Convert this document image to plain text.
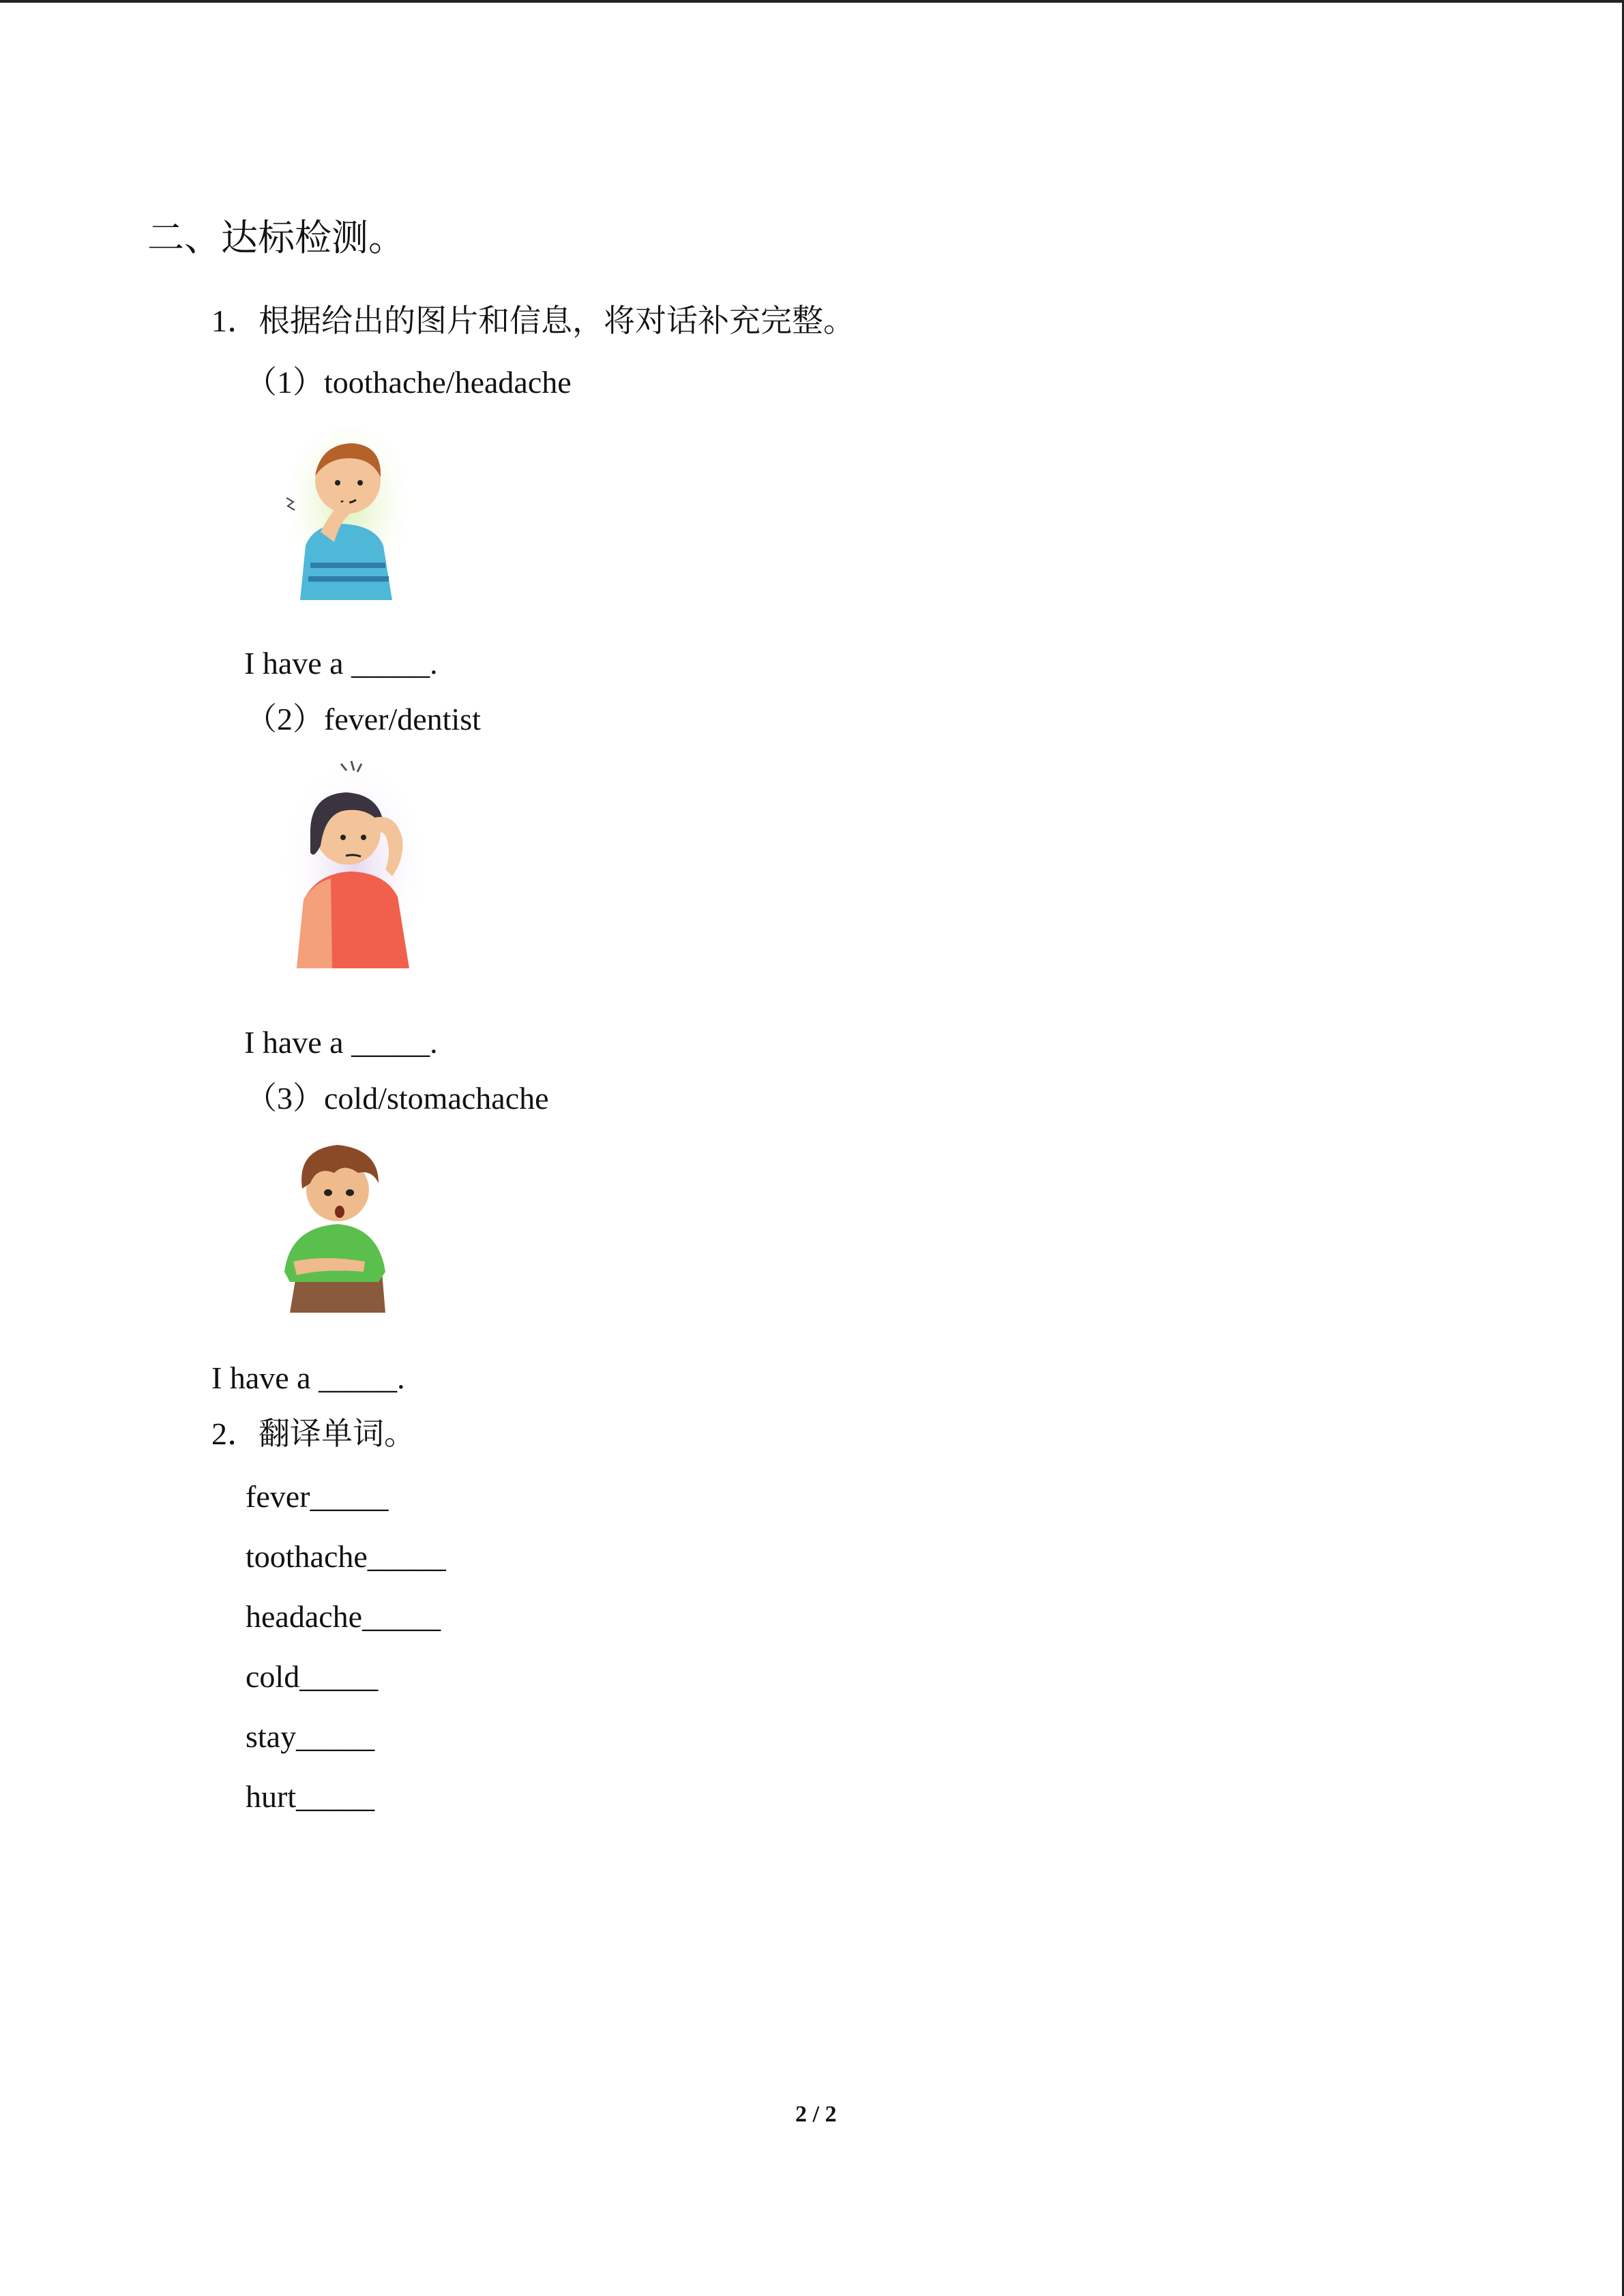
二、达标检测。
1．根据给出的图片和信息，将对话补充完整。
（1）toothache/headache
I have a _____.
（2）fever/dentist
I have a _____.
（3）cold/stomachache
I have a _____.
2．翻译单词。
fever_____
toothache_____
headache_____
cold_____
stay_____
hurt_____
2 / 2
